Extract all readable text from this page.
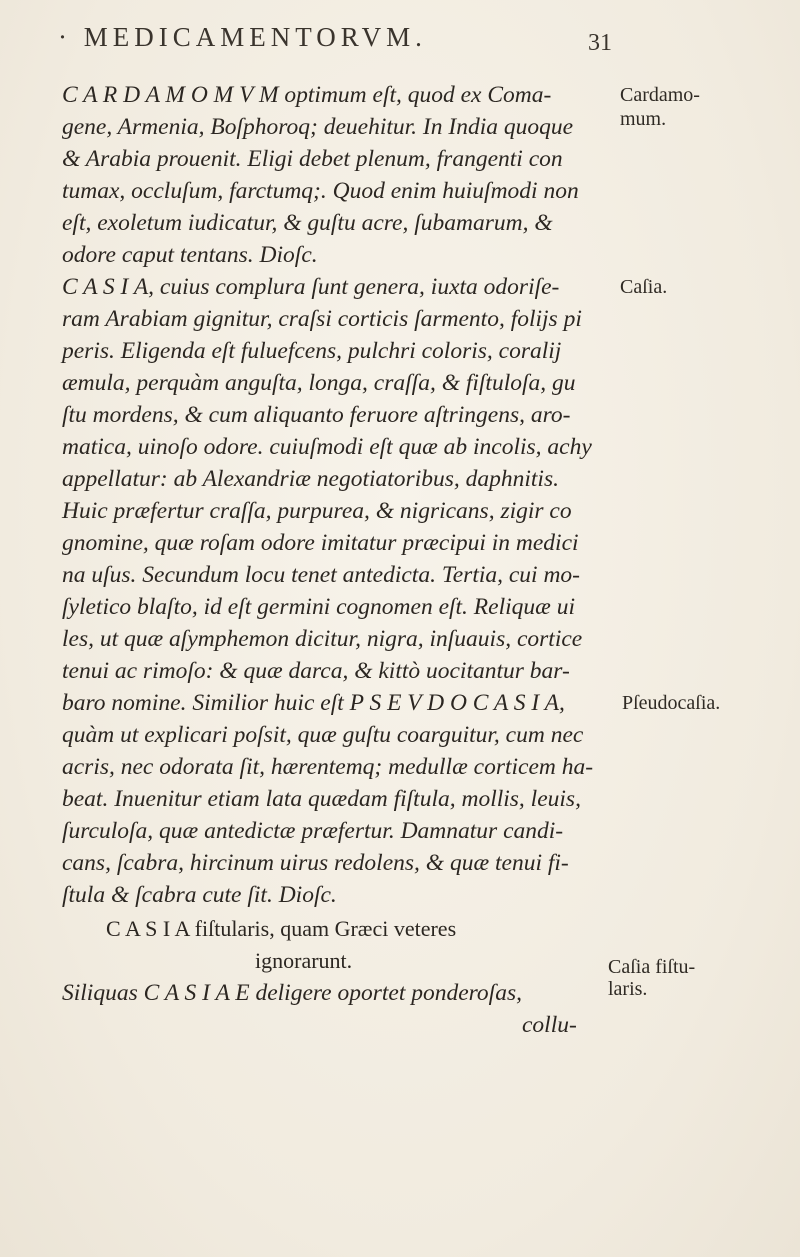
· MEDICAMENTORVM.	31
C A R D A M O M V M optimum eſt, quod ex Coma-
gene, Armenia, Boſphoroq; deuehitur. In India quoque
& Arabia prouenit. Eligi debet plenum, frangenti con
tumax, occluſum, farctumq;. Quod enim huiuſmodi non
eſt, exoletum iudicatur, & guſtu acre, ſubamarum, &
odore caput tentans. Dioſc.
C A S I A, cuius complura ſunt genera, iuxta odoriſe-
ram Arabiam gignitur, craſsi corticis ſarmento, folijs pi
peris. Eligenda eſt fuluefcens, pulchri coloris, coralij
æmula, perquàm anguſta, longa, craſſa, & fiſtuloſa, gu
ſtu mordens, & cum aliquanto feruore aſtringens, aro-
matica, uinoſo odore. cuiuſmodi eſt quæ ab incolis, achy
appellatur: ab Alexandriæ negotiatoribus, daphnitis.
Huic præfertur craſſa, purpurea, & nigricans, zigir co
gnomine, quæ roſam odore imitatur præcipui in medici
na uſus. Secundum locu tenet antedicta. Tertia, cui mo-
ſyletico blaſto, id eſt germini cognomen eſt. Reliquæ ui
les, ut quæ aſymphemon dicitur, nigra, inſuauis, cortice
tenui ac rimoſo: & quæ darca, & kittò uocitantur bar-
baro nomine. Similior huic eſt P S E V D O C A S I A,
quàm ut explicari poſsit, quæ guſtu coarguitur, cum nec
acris, nec odorata ſit, hærentemq; medullæ corticem ha-
beat. Inuenitur etiam lata quædam fiſtula, mollis, leuis,
ſurculoſa, quæ antedictæ præfertur. Damnatur candi-
cans, ſcabra, hircinum uirus redolens, & quæ tenui fi-
ſtula & ſcabra cute ſit. Dioſc.
C A S I A fiſtularis, quam Græci veteres
ignorarunt.
Siliquas C A S I A E deligere oportet ponderoſas,
collu-
Cardamo-
mum.
Caſia.
Pſeudocaſia.
Caſia fiſtu-
laris.
